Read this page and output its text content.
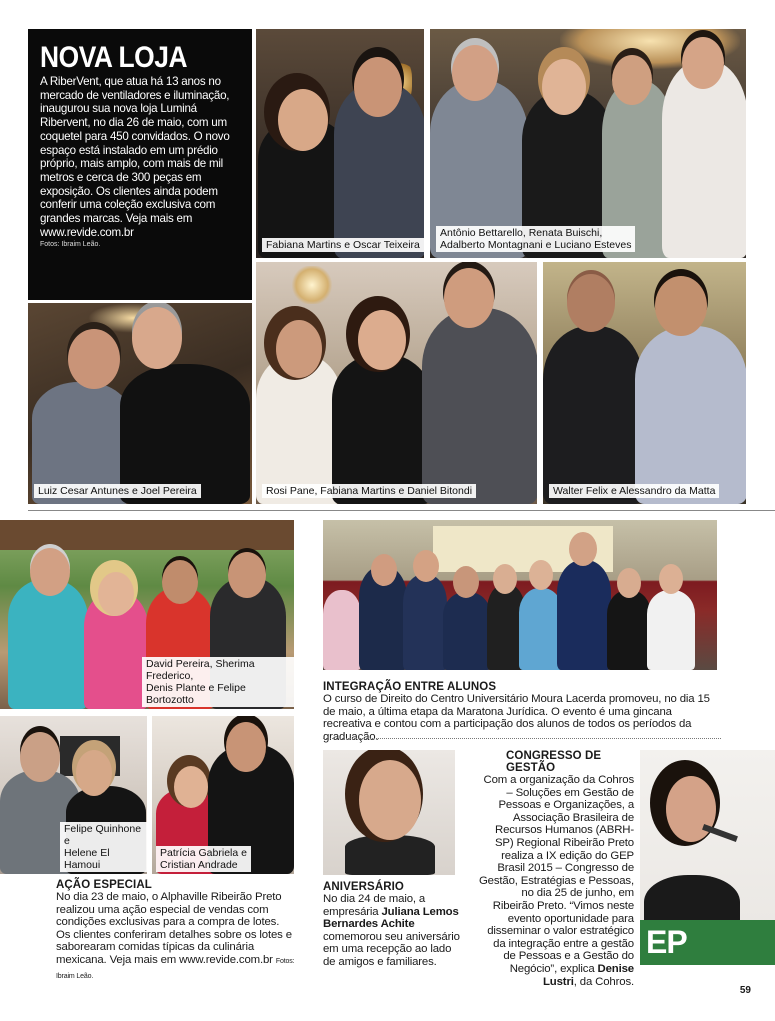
NOVA LOJA
A RiberVent, que atua há 13 anos no mercado de ventiladores e iluminação, inaugurou sua nova loja Luminá Ribervent, no dia 26 de maio, com um coquetel para 450 convidados. O novo espaço está instalado em um prédio próprio, mais amplo, com mais de mil metros e cerca de 300 peças em exposição. Os clientes ainda podem conferir uma coleção exclusiva com grandes marcas. Veja mais em www.revide.com.br
Fotos: Ibraim Leão.	Fabiana Martins e Oscar Teixeira
Antônio Bettarello, Renata Buischi,
Adalberto Montagnani e Luciano Esteves
Luiz Cesar Antunes e Joel Pereira	Rosi Pane, Fabiana Martins e Daniel Bitondi	Walter Felix e Alessandro da Matta
David Pereira, Sherima Frederico,
Denis Plante e Felipe Bortozotto
Felipe Quinhone e
Helene El Hamoui
Patrícia Gabriela e
Cristian Andrade
AÇÃO ESPECIAL
No dia 23 de maio, o Alphaville Ribeirão Preto realizou uma ação especial de vendas com condições exclusivas para a compra de lotes. Os clientes conferiram detalhes sobre os lotes e saborearam comidas típicas da culinária mexicana. Veja mais em www.revide.com.br Fotos: Ibraim Leão.
INTEGRAÇÃO ENTRE ALUNOS
O curso de Direito do Centro Universitário Moura Lacerda promoveu, no dia 15 de maio, a última etapa da Maratona Jurídica. O evento é uma gincana recreativa e contou com a participação dos alunos de todos os períodos da graduação.
ANIVERSÁRIO
No dia 24 de maio, a empresária Juliana Lemos Bernardes Achite comemorou seu aniversário em uma recepção ao lado de amigos e familiares.
CONGRESSO DE GESTÃO
Com a organização da Cohros – Soluções em Gestão de Pessoas e Organizações, a Associação Brasileira de Recursos Humanos (ABRH-SP) Regional Ribeirão Preto realiza a IX edição do GEP Brasil 2015 – Congresso de Gestão, Estratégias e Pessoas, no dia 25 de junho, em Ribeirão Preto. “Vimos neste evento oportunidade para disseminar o valor estratégico da integração entre a gestão de Pessoas e a Gestão do Negócio”, explica Denise Lustri, da Cohros.
EP
59
